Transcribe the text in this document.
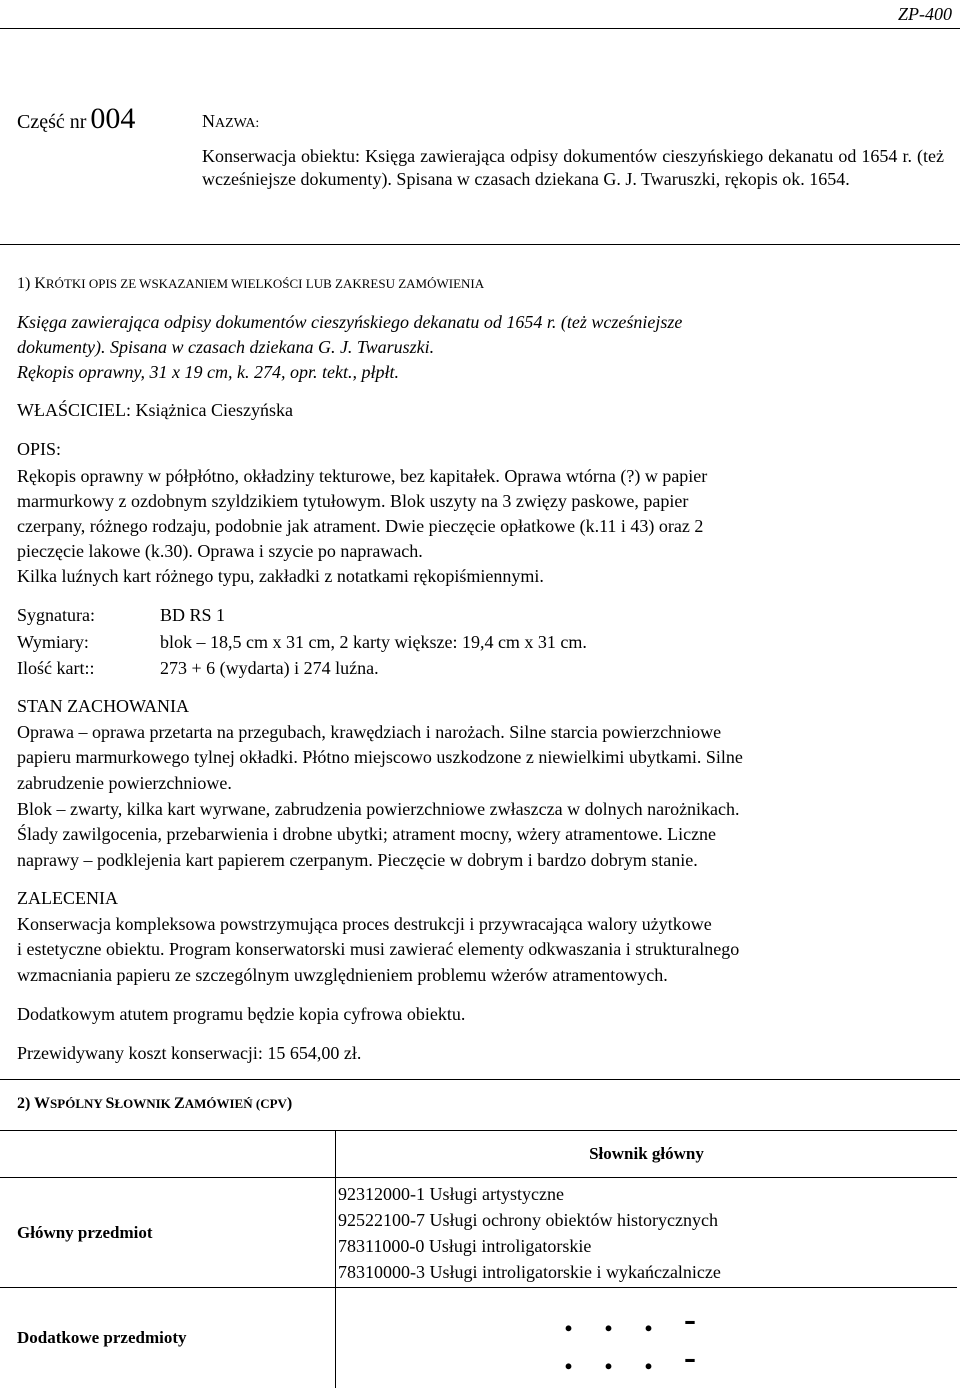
ZP-400
Część nr 004	NAZWA:
Konserwacja obiektu: Księga zawierająca odpisy dokumentów cieszyńskiego dekanatu od 1654 r. (też wcześniejsze dokumenty). Spisana w czasach dziekana G. J. Twaruszki, rękopis ok. 1654.
1) KRÓTKI OPIS ZE WSKAZANIEM WIELKOŚCI LUB ZAKRESU ZAMÓWIENIA
Księga zawierająca odpisy dokumentów cieszyńskiego dekanatu od 1654 r. (też wcześniejsze
dokumenty). Spisana w czasach dziekana G. J. Twaruszki.
Rękopis oprawny, 31 x 19 cm, k. 274, opr. tekt., płpłt.
WŁAŚCICIEL: Książnica Cieszyńska
OPIS:
Rękopis oprawny w półpłótno, okładziny tekturowe, bez kapitałek. Oprawa wtórna (?) w papier
marmurkowy z ozdobnym szyldzikiem tytułowym. Blok uszyty na 3 zwięzy paskowe, papier
czerpany, różnego rodzaju, podobnie jak atrament. Dwie pieczęcie opłatkowe (k.11 i 43) oraz 2
pieczęcie lakowe (k.30). Oprawa i szycie po naprawach.
Kilka luźnych kart różnego typu, zakładki z notatkami rękopiśmiennymi.
Sygnatura:	BD RS 1
Wymiary:	blok – 18,5 cm x 31 cm, 2 karty większe: 19,4 cm x 31 cm.
Ilość kart::	273 + 6 (wydarta) i 274 luźna.
STAN ZACHOWANIA
Oprawa – oprawa przetarta na przegubach, krawędziach i narożach. Silne starcia powierzchniowe
papieru marmurkowego tylnej okładki. Płótno miejscowo uszkodzone z niewielkimi ubytkami. Silne
zabrudzenie powierzchniowe.
Blok – zwarty, kilka kart wyrwane, zabrudzenia powierzchniowe zwłaszcza w dolnych narożnikach.
Ślady zawilgocenia, przebarwienia i drobne ubytki; atrament mocny, wżery atramentowe. Liczne
naprawy – podklejenia kart papierem czerpanym. Pieczęcie w dobrym i bardzo dobrym stanie.
ZALECENIA
Konserwacja kompleksowa powstrzymująca proces destrukcji i przywracająca walory użytkowe
i estetyczne obiektu. Program konserwatorski musi zawierać elementy odkwaszania i strukturalnego
wzmacniania papieru ze szczególnym uwzględnieniem problemu wżerów atramentowych.
Dodatkowym atutem programu będzie kopia cyfrowa obiektu.
Przewidywany koszt konserwacji: 15 654,00 zł.
2) WSPÓLNY SŁOWNIK ZAMÓWIEŃ (CPV)
	Słownik główny
Główny przedmiot	92312000-1 Usługi artystyczne
92522100-7 Usługi ochrony obiektów historycznych
78311000-0 Usługi introligatorskie
78310000-3 Usługi introligatorskie i wykańczalnicze

Dodatkowe przedmioty	. . . -
. . . -
